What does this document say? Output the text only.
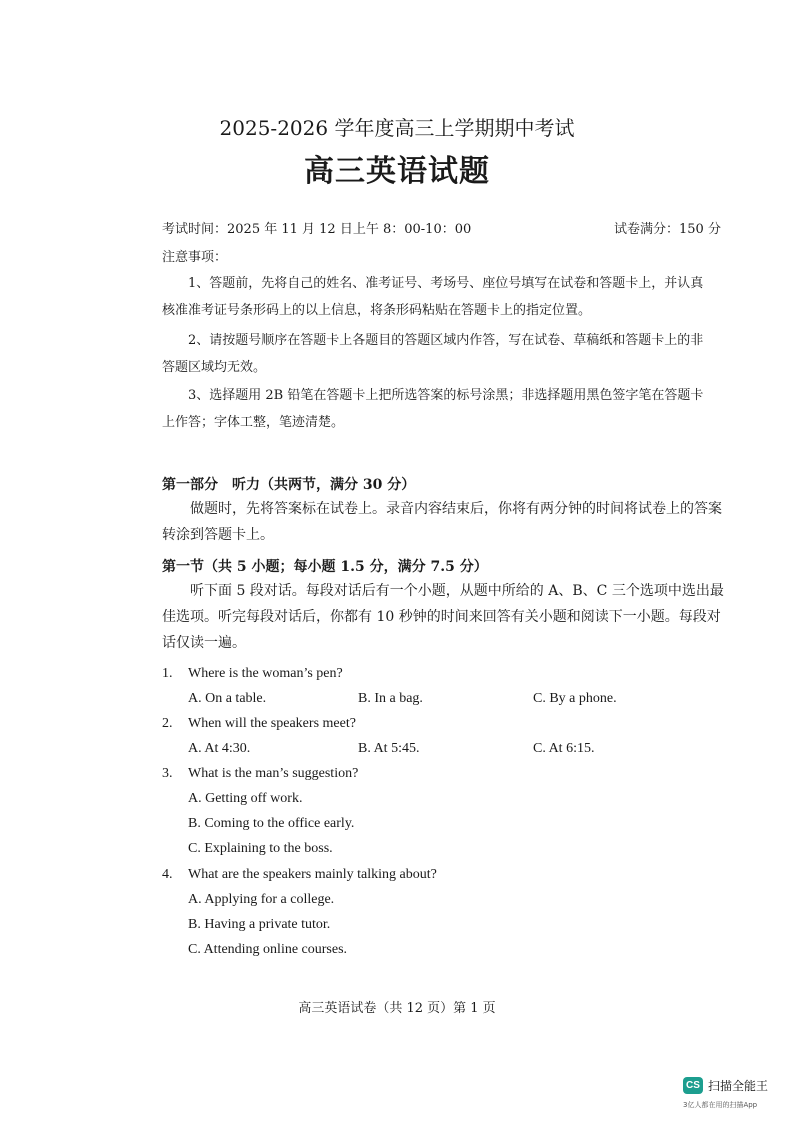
2025-2026 学年度高三上学期期中考试
高三英语试题
考试时间：2025 年 11 月 12 日上午 8：00-10：00	试卷满分：150 分
注意事项：
1、答题前，先将自己的姓名、准考证号、考场号、座位号填写在试卷和答题卡上，并认真
核准准考证号条形码上的以上信息，将条形码粘贴在答题卡上的指定位置。
2、请按题号顺序在答题卡上各题目的答题区域内作答，写在试卷、草稿纸和答题卡上的非
答题区域均无效。
3、选择题用 2B 铅笔在答题卡上把所选答案的标号涂黑；非选择题用黑色签字笔在答题卡
上作答；字体工整，笔迹清楚。
第一部分　听力（共两节，满分 30 分）
做题时，先将答案标在试卷上。录音内容结束后，你将有两分钟的时间将试卷上的答案转涂到答题卡上。
第一节（共 5 小题；每小题 1.5 分，满分 7.5 分）
听下面 5 段对话。每段对话后有一个小题，从题中所给的 A、B、C 三个选项中选出最佳选项。听完每段对话后，你都有 10 秒钟的时间来回答有关小题和阅读下一小题。每段对话仅读一遍。
1. Where is the woman’s pen?
A. On a table.	B. In a bag.	C. By a phone.
2. When will the speakers meet?
A. At 4:30.	B. At 5:45.	C. At 6:15.
3. What is the man’s suggestion?
A. Getting off work.
B. Coming to the office early.
C. Explaining to the boss.
4. What are the speakers mainly talking about?
A. Applying for a college.
B. Having a private tutor.
C. Attending online courses.
高三英语试卷（共 12 页）第 1 页
CS 扫描全能王
3亿人都在用的扫描App
